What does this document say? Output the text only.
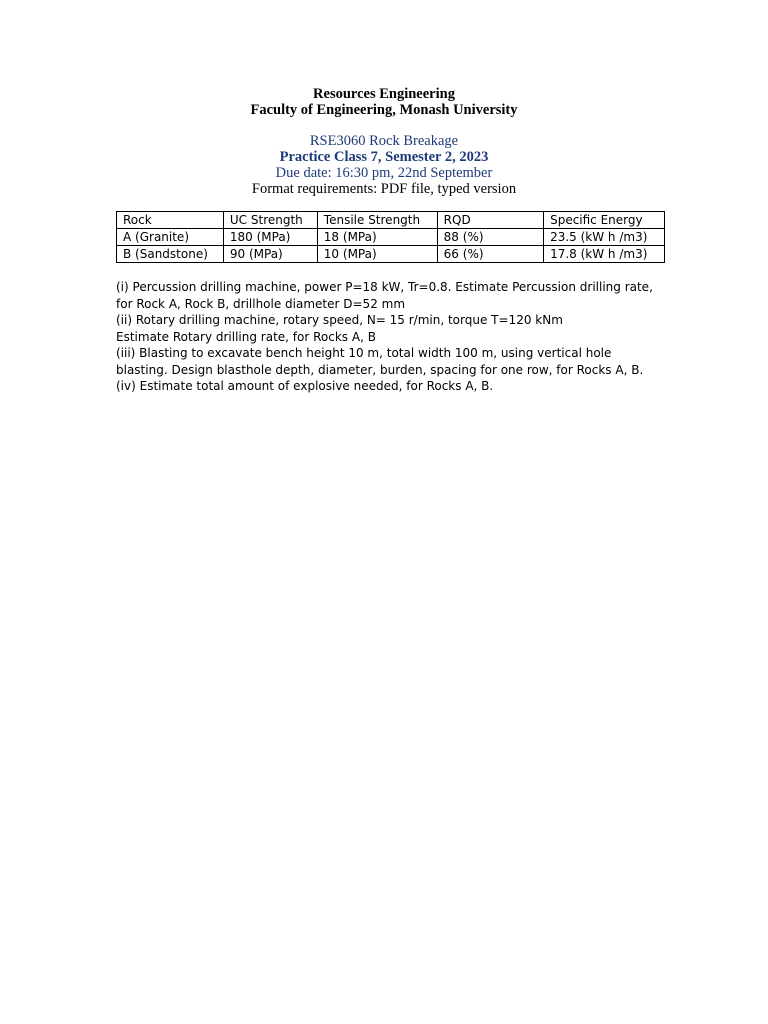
Resources Engineering
Faculty of Engineering, Monash University
RSE3060 Rock Breakage
Practice Class 7, Semester 2, 2023
Due date: 16:30 pm, 22nd September
Format requirements: PDF file, typed version
Rock	UC Strength	Tensile Strength	RQD	Specific Energy
A (Granite)	180 (MPa)	18 (MPa)	88 (%)	23.5 (kW h /m3)
B (Sandstone)	90 (MPa)	10 (MPa)	66 (%)	17.8 (kW h /m3)

(i) Percussion drilling machine, power P=18 kW, Tr=0.8. Estimate Percussion drilling rate, for Rock A, Rock B, drillhole diameter D=52 mm

(ii) Rotary drilling machine, rotary speed, N= 15 r/min, torque T=120 kNm

Estimate Rotary drilling rate, for Rocks A, B

(iii) Blasting to excavate bench height 10 m, total width 100 m, using vertical hole blasting. Design blasthole depth, diameter, burden, spacing for one row, for Rocks A, B.

(iv) Estimate total amount of explosive needed, for Rocks A, B.
